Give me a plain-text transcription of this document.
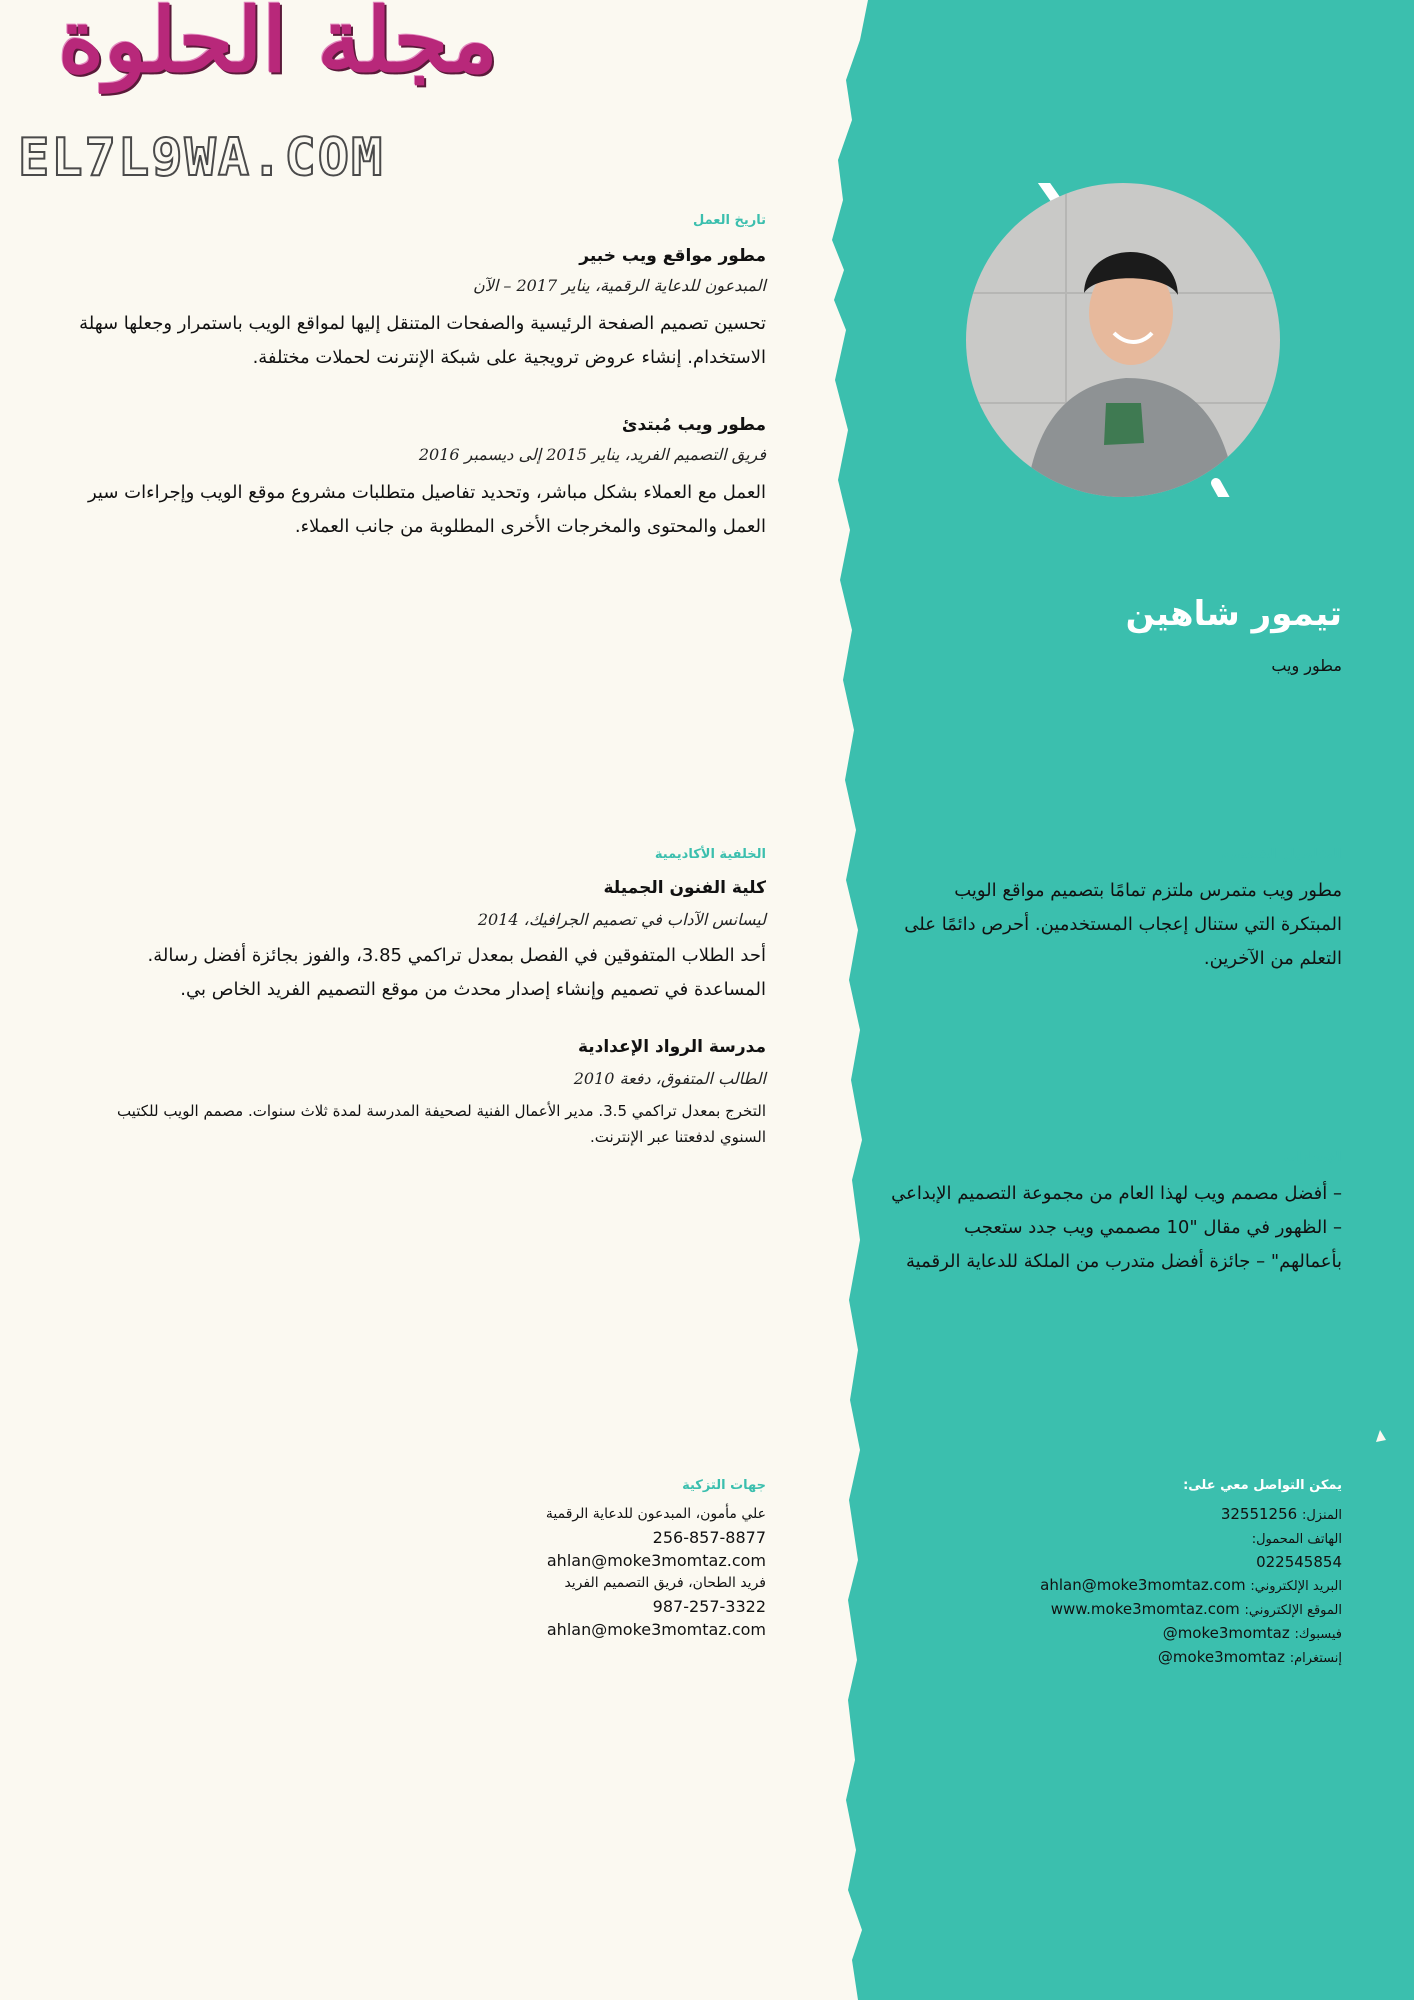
مجلة الحلوة
EL7L9WA.COM

تيمور شاهين

مطور ويب

التفاصيل الشخصية

مطور ويب متمرس ملتزم تمامًا بتصميم مواقع الويب المبتكرة التي ستنال إعجاب المستخدمين. أحرص دائمًا على التعلم من الآخرين.

الإنجازات

– أفضل مصمم ويب لهذا العام من مجموعة التصميم الإبداعي – الظهور في مقال "10 مصممي ويب جدد ستعجب بأعمالهم" – جائزة أفضل متدرب من الملكة للدعاية الرقمية

يمكن التواصل معي على:

المنزل: 32551256

الهاتف المحمول:

022545854

البريد الإلكتروني: ahlan@moke3momtaz.com

الموقع الإلكتروني: www.moke3momtaz.com

فيسبوك: @moke3momtaz

إنستغرام: @moke3momtaz

تاريخ العمل

مطور مواقع ويب خبير

المبدعون للدعاية الرقمية، يناير 2017 – الآن

تحسين تصميم الصفحة الرئيسية والصفحات المتنقل إليها لمواقع الويب باستمرار وجعلها سهلة الاستخدام. إنشاء عروض ترويجية على شبكة الإنترنت لحملات مختلفة.

مطور ويب مُبتدئ

فريق التصميم الفريد، يناير 2015 إلى ديسمبر 2016

العمل مع العملاء بشكل مباشر، وتحديد تفاصيل متطلبات مشروع موقع الويب وإجراءات سير العمل والمحتوى والمخرجات الأخرى المطلوبة من جانب العملاء.

الخلفية الأكاديمية

كلية الفنون الجميلة

ليسانس الآداب في تصميم الجرافيك، 2014

أحد الطلاب المتفوقين في الفصل بمعدل تراكمي 3.85، والفوز بجائزة أفضل رسالة. المساعدة في تصميم وإنشاء إصدار محدث من موقع التصميم الفريد الخاص بي.

مدرسة الرواد الإعدادية

الطالب المتفوق، دفعة 2010

التخرج بمعدل تراكمي 3.5. مدير الأعمال الفنية لصحيفة المدرسة لمدة ثلاث سنوات. مصمم الويب للكتيب السنوي لدفعتنا عبر الإنترنت.

جهات التزكية

علي مأمون، المبدعون للدعاية الرقمية

256-857-8877

ahlan@moke3momtaz.com

فريد الطحان، فريق التصميم الفريد

987-257-3322

ahlan@moke3momtaz.com
